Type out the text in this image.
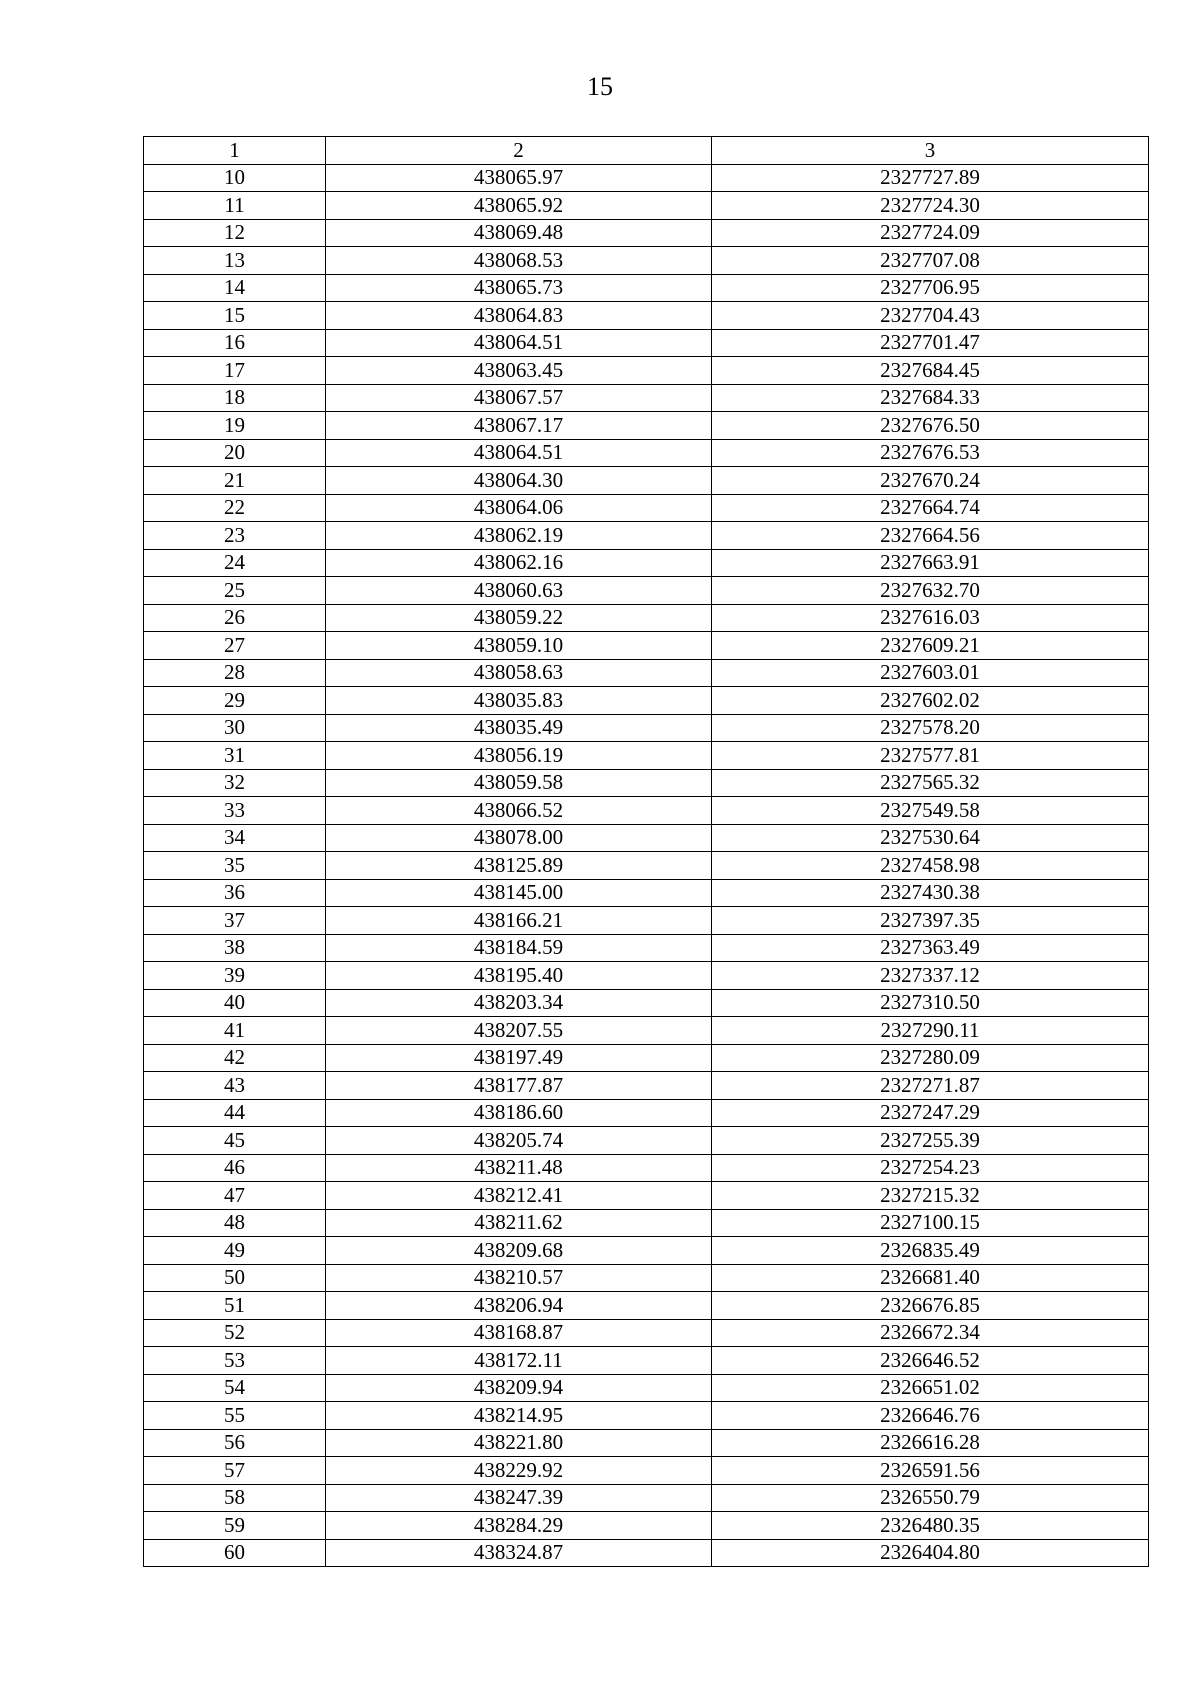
15
1	2	3
10	438065.97	2327727.89
11	438065.92	2327724.30
12	438069.48	2327724.09
13	438068.53	2327707.08
14	438065.73	2327706.95
15	438064.83	2327704.43
16	438064.51	2327701.47
17	438063.45	2327684.45
18	438067.57	2327684.33
19	438067.17	2327676.50
20	438064.51	2327676.53
21	438064.30	2327670.24
22	438064.06	2327664.74
23	438062.19	2327664.56
24	438062.16	2327663.91
25	438060.63	2327632.70
26	438059.22	2327616.03
27	438059.10	2327609.21
28	438058.63	2327603.01
29	438035.83	2327602.02
30	438035.49	2327578.20
31	438056.19	2327577.81
32	438059.58	2327565.32
33	438066.52	2327549.58
34	438078.00	2327530.64
35	438125.89	2327458.98
36	438145.00	2327430.38
37	438166.21	2327397.35
38	438184.59	2327363.49
39	438195.40	2327337.12
40	438203.34	2327310.50
41	438207.55	2327290.11
42	438197.49	2327280.09
43	438177.87	2327271.87
44	438186.60	2327247.29
45	438205.74	2327255.39
46	438211.48	2327254.23
47	438212.41	2327215.32
48	438211.62	2327100.15
49	438209.68	2326835.49
50	438210.57	2326681.40
51	438206.94	2326676.85
52	438168.87	2326672.34
53	438172.11	2326646.52
54	438209.94	2326651.02
55	438214.95	2326646.76
56	438221.80	2326616.28
57	438229.92	2326591.56
58	438247.39	2326550.79
59	438284.29	2326480.35
60	438324.87	2326404.80
